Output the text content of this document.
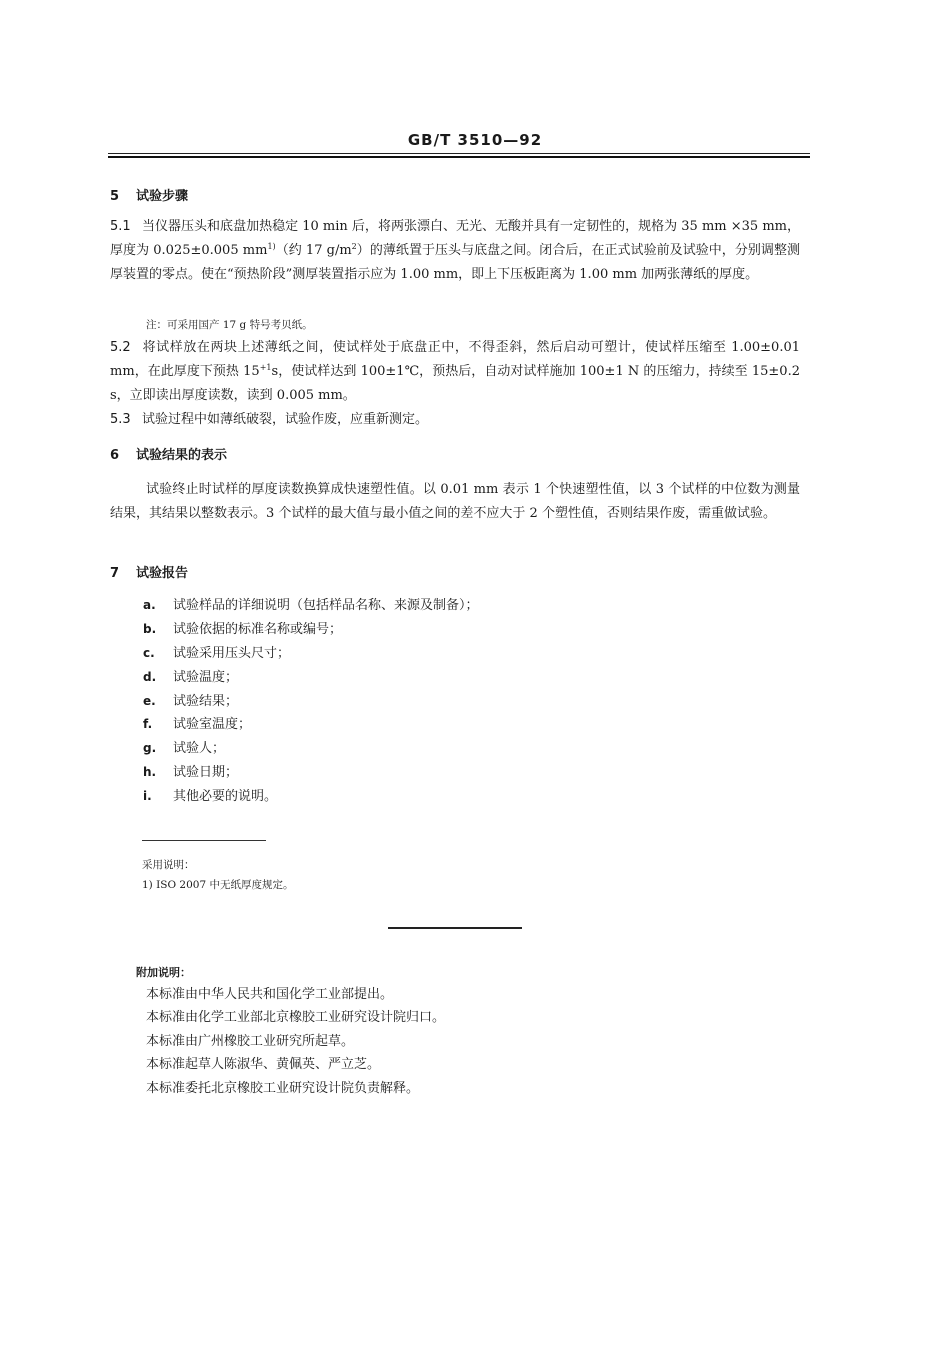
GB/T 3510—92
5 试验步骤

5.1 当仪器压头和底盘加热稳定 10 min 后，将两张漂白、无光、无酸并具有一定韧性的，规格为 35 mm ×35 mm，厚度为 0.025±0.005 $mm^{1)}$（约 17 $g/m^2$）的薄纸置于压头与底盘之间。闭合后，在正式试验前及试验中，分别调整测厚装置的零点。使在“预热阶段”测厚装置指示应为 1.00 mm，即上下压板距离为 1.00 mm 加两张薄纸的厚度。

注：可采用国产 17 g 特号考贝纸。

5.2 将试样放在两块上述薄纸之间，使试样处于底盘正中，不得歪斜，然后启动可塑计，使试样压缩至 1.00±0.01 mm，在此厚度下预热 $15^{+1}s$，使试样达到 100±1℃，预热后，自动对试样施加 100±1 N 的压缩力，持续至 15±0.2 s，立即读出厚度读数，读到 0.005 mm。

5.3 试验过程中如薄纸破裂，试验作废，应重新测定。

6 试验结果的表示

试验终止时试样的厚度读数换算成快速塑性值。以 0.01 mm 表示 1 个快速塑性值，以 3 个试样的中位数为测量结果，其结果以整数表示。3 个试样的最大值与最小值之间的差不应大于 2 个塑性值，否则结果作废，需重做试验。

7 试验报告
a. 试验样品的详细说明（包括样品名称、来源及制备）；
b. 试验依据的标准名称或编号；
c. 试验采用压头尺寸；
d. 试验温度；
e. 试验结果；
f. 试验室温度；
g. 试验人；
h. 试验日期；
i. 其他必要的说明。
采用说明：
1) ISO 2007 中无纸厚度规定。
附加说明：
本标准由中华人民共和国化学工业部提出。
本标准由化学工业部北京橡胶工业研究设计院归口。
本标准由广州橡胶工业研究所起草。
本标准起草人陈淑华、黄佩英、严立芝。
本标准委托北京橡胶工业研究设计院负责解释。
